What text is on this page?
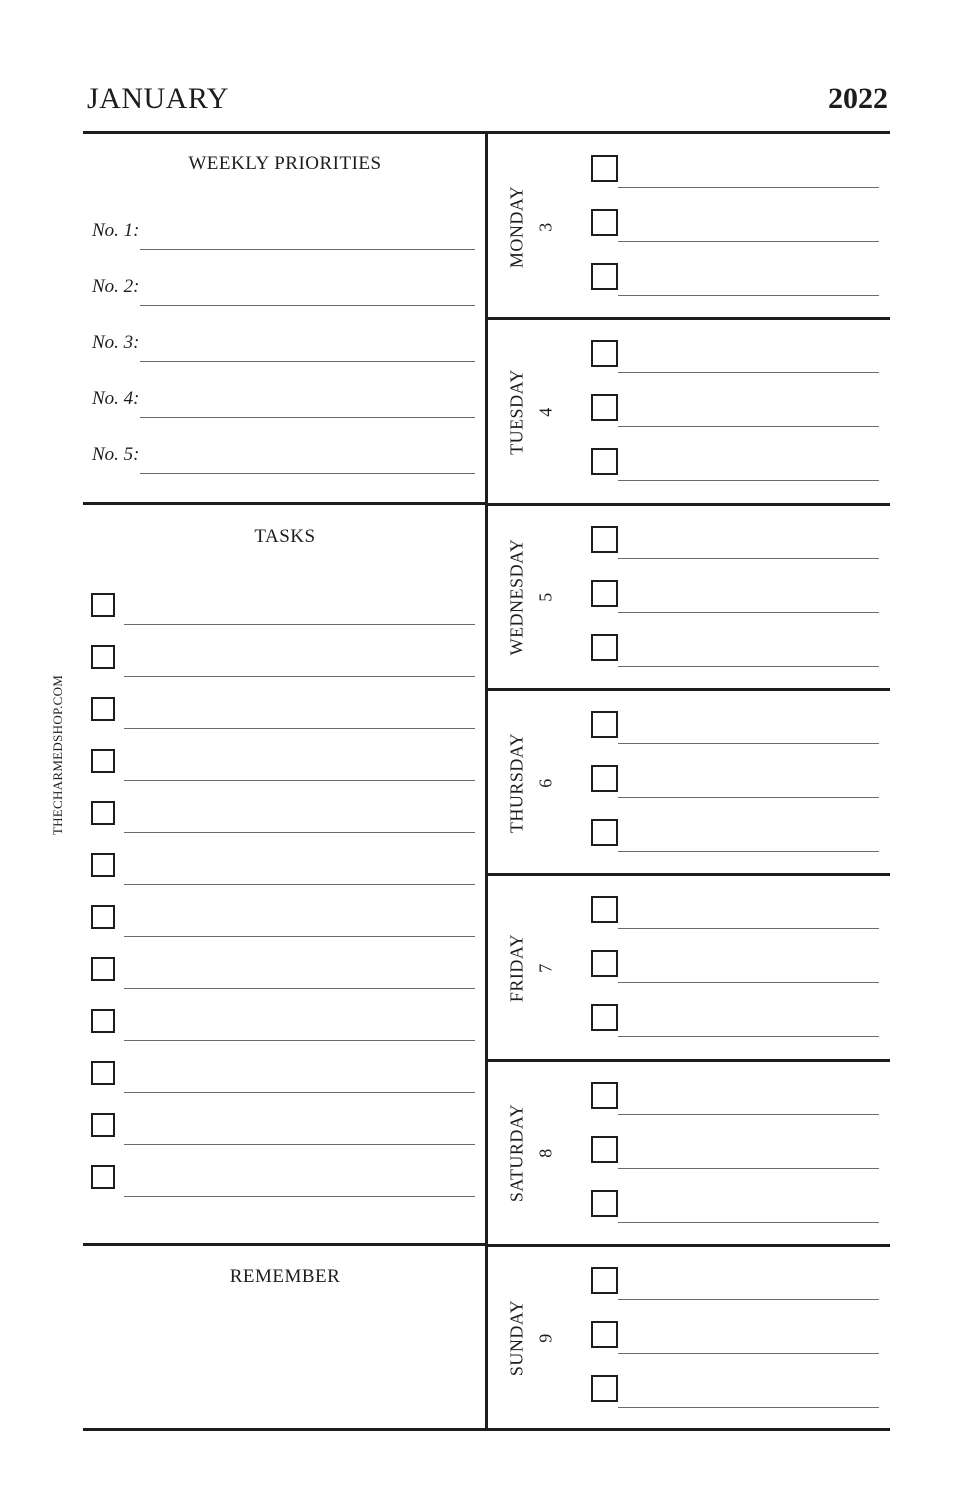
JANUARY	2022
THECHARMEDSHOP.COM
WEEKLY PRIORITIES
No. 1:
No. 2:
No. 3:
No. 4:
No. 5:
TASKS
REMEMBER
MONDAY 3
TUESDAY 4
WEDNESDAY 5
THURSDAY 6
FRIDAY 7
SATURDAY 8
SUNDAY 9
